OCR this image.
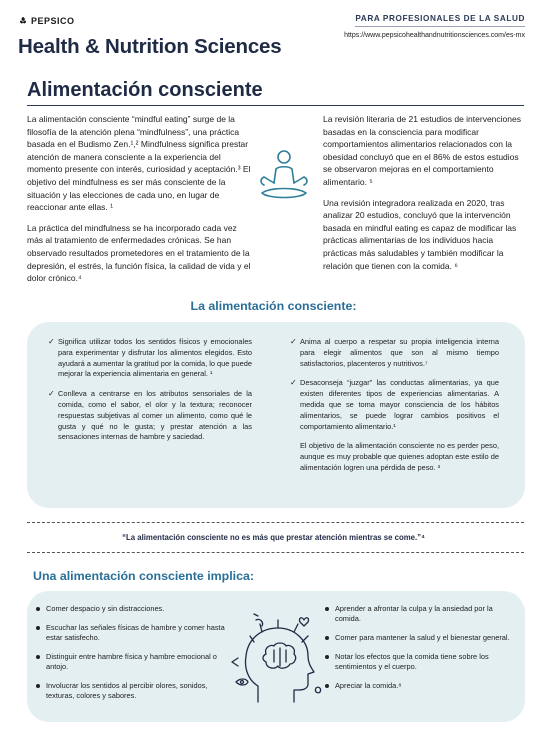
PEPSICO
Health & Nutrition Sciences
PARA PROFESIONALES DE LA SALUD
https://www.pepsicohealthandnutritionsciences.com/es-mx
Alimentación consciente

La alimentación consciente “mindful eating” surge de la filosofía de la atención plena “mindfulness”, una práctica basada en el Budismo Zen.¹,² Mindfulness significa prestar atención de manera consciente a la experiencia del momento presente con interés, curiosidad y aceptación.³ El objetivo del mindfulness es ser más consciente de la situación y las elecciones de cada uno, en lugar de reaccionar ante ellas. ¹

La práctica del mindfulness se ha incorporado cada vez más al tratamiento de enfermedades crónicas. Se han observado resultados prometedores en el tratamiento de la depresión, el estrés, la función física, la calidad de vida y el dolor crónico.⁴

La revisión literaria de 21 estudios de intervenciones basadas en la consciencia para modificar comportamientos alimentarios relacionados con la obesidad concluyó que en el 86% de estos estudios se observaron mejoras en el comportamiento alimentario. ⁵

Una revisión integradora realizada en 2020, tras analizar 20 estudios, concluyó que la intervención basada en mindful eating es capaz de modificar las prácticas alimentarias de los individuos hacia prácticas más saludables y también modificar la relación que tienen con la comida. ⁶

La alimentación consciente:
✓ Significa utilizar todos los sentidos físicos y emocionales para experimentar y disfrutar los alimentos elegidos. Esto ayudará a aumentar la gratitud por la comida, lo que puede mejorar la experiencia alimentaria en general. ¹
✓ Conlleva a centrarse en los atributos sensoriales de la comida, como el sabor, el olor y la textura; reconocer respuestas subjetivas al comer un alimento, como qué le gusta y qué no le gusta; y prestar atención a las sensaciones internas de hambre y saciedad.
✓ Anima al cuerpo a respetar su propia inteligencia interna para elegir alimentos que son al mismo tiempo satisfactorios, placenteros y nutritivos.⁷
✓ Desaconseja “juzgar” las conductas alimentarias, ya que existen diferentes tipos de experiencias alimentarias. A medida que se toma mayor consciencia de los hábitos alimentarios, se puede lograr cambios positivos el comportamiento alimentario.¹
El objetivo de la alimentación consciente no es perder peso, aunque es muy probable que quienes adoptan este estilo de alimentación logren una pérdida de peso. ³
“La alimentación consciente no es más que prestar atención mientras se come.”⁴
Una alimentación consciente implica:
Comer despacio y sin distracciones.
Escuchar las señales físicas de hambre y comer hasta estar satisfecho.
Distinguir entre hambre física y hambre emocional o antojo.
Involucrar los sentidos al percibir olores, sonidos, texturas, colores y sabores.
Aprender a afrontar la culpa y la ansiedad por la comida.
Comer para mantener la salud y el bienestar general.
Notar los efectos que la comida tiene sobre los sentimientos y el cuerpo.
Apreciar la comida.⁸
